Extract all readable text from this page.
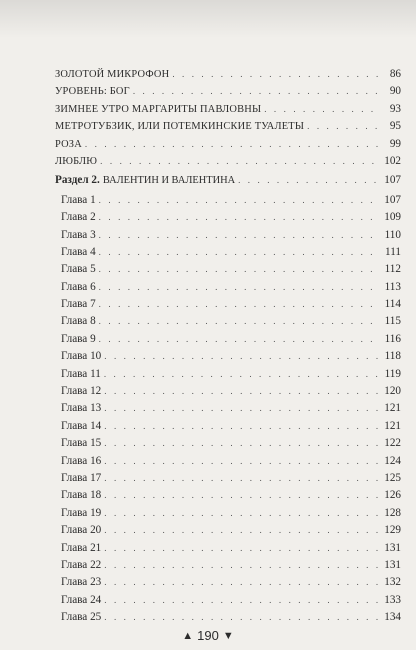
ЗОЛОТОЙ МИКРОФОН . . .	86
УРОВЕНЬ: БОГ . . .	90
ЗИМНЕЕ УТРО МАРГАРИТЫ ПАВЛОВНЫ . . .	93
МЕТРОТУБЗИК, ИЛИ ПОТЕМКИНСКИЕ ТУАЛЕТЫ . . .	95
РОЗА . . .	99
ЛЮБЛЮ . . .	102
Раздел 2. ВАЛЕНТИН И ВАЛЕНТИНА . . .	107
Глава 1 . . .	107
Глава 2 . . .	109
Глава 3 . . .	110
Глава 4 . . .	111
Глава 5 . . .	112
Глава 6 . . .	113
Глава 7 . . .	114
Глава 8 . . .	115
Глава 9 . . .	116
Глава 10 . . .	118
Глава 11 . . .	119
Глава 12 . . .	120
Глава 13 . . .	121
Глава 14 . . .	121
Глава 15 . . .	122
Глава 16 . . .	124
Глава 17 . . .	125
Глава 18 . . .	126
Глава 19 . . .	128
Глава 20 . . .	129
Глава 21 . . .	131
Глава 22 . . .	131
Глава 23 . . .	132
Глава 24 . . .	133
Глава 25 . . .	134
▲ 190 ▼
